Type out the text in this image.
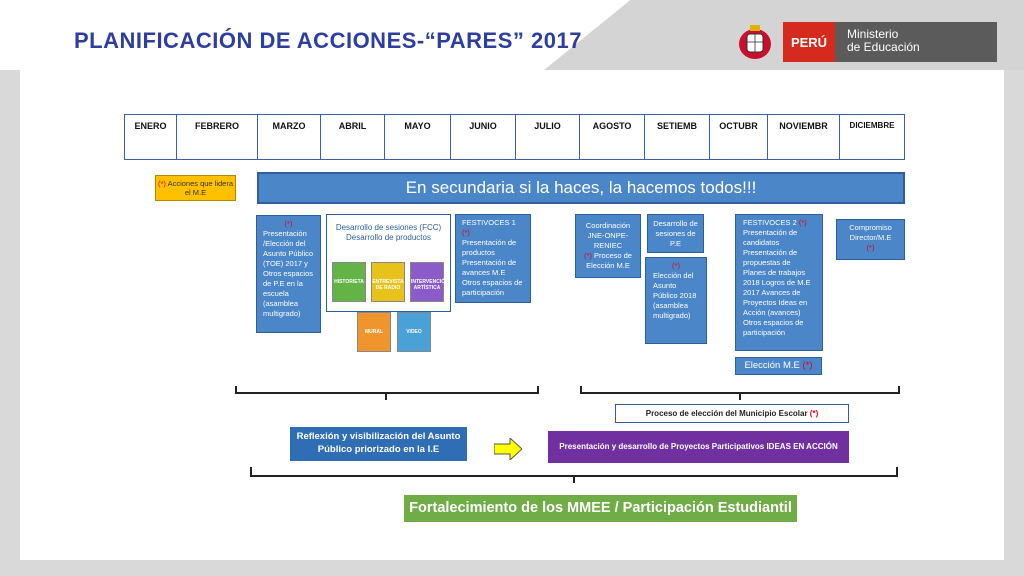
PLANIFICACIÓN DE ACCIONES-“PARES” 2017	PERÚ
Ministerio
de Educación
ENERO	FEBRERO	MARZO	ABRIL	MAYO	JUNIO	JULIO	AGOSTO	SETIEMB	OCTUBR	NOVIEMBR	DICIEMBRE
(*) Acciones que lidera el M.E	En secundaria si la haces, la hacemos todos!!!
(*)
Presentación /Elección del Asunto Público (TOE) 2017 y Otros espacios de P.E en la escuela (asamblea multigrado)
Desarrollo de sesiones (FCC)
Desarrollo de productos
HISTORIETA	ENTREVISTA DE RADIO
INTERVENCIÓN ARTÍSTICA
MURAL	VIDEO
FESTIVOCES 1 (*)
Presentación de productos Presentación de avances M.E Otros espacios de participación
Coordinación JNE-ONPE-RENIEC
(*) Proceso de Elección M.E
Desarrollo de sesiones de P.E
(*)
Elección del Asunto Público 2018 (asamblea multigrado)
FESTIVOCES 2 (*)
Presentación de candidatos Presentación de propuestas de Planes de trabajos 2018 Logros de M.E 2017 Avances de Proyectos Ideas en Acción (avances) Otros espacios de participación
Elección M.E (*)
Compromiso Director/M.E
(*)
Proceso de elección del Municipio Escolar (*)
Reflexión y visibilización del Asunto Público priorizado en la I.E	Presentación y desarrollo de Proyectos Participativos IDEAS EN ACCIÓN
Fortalecimiento de los MMEE / Participación Estudiantil
